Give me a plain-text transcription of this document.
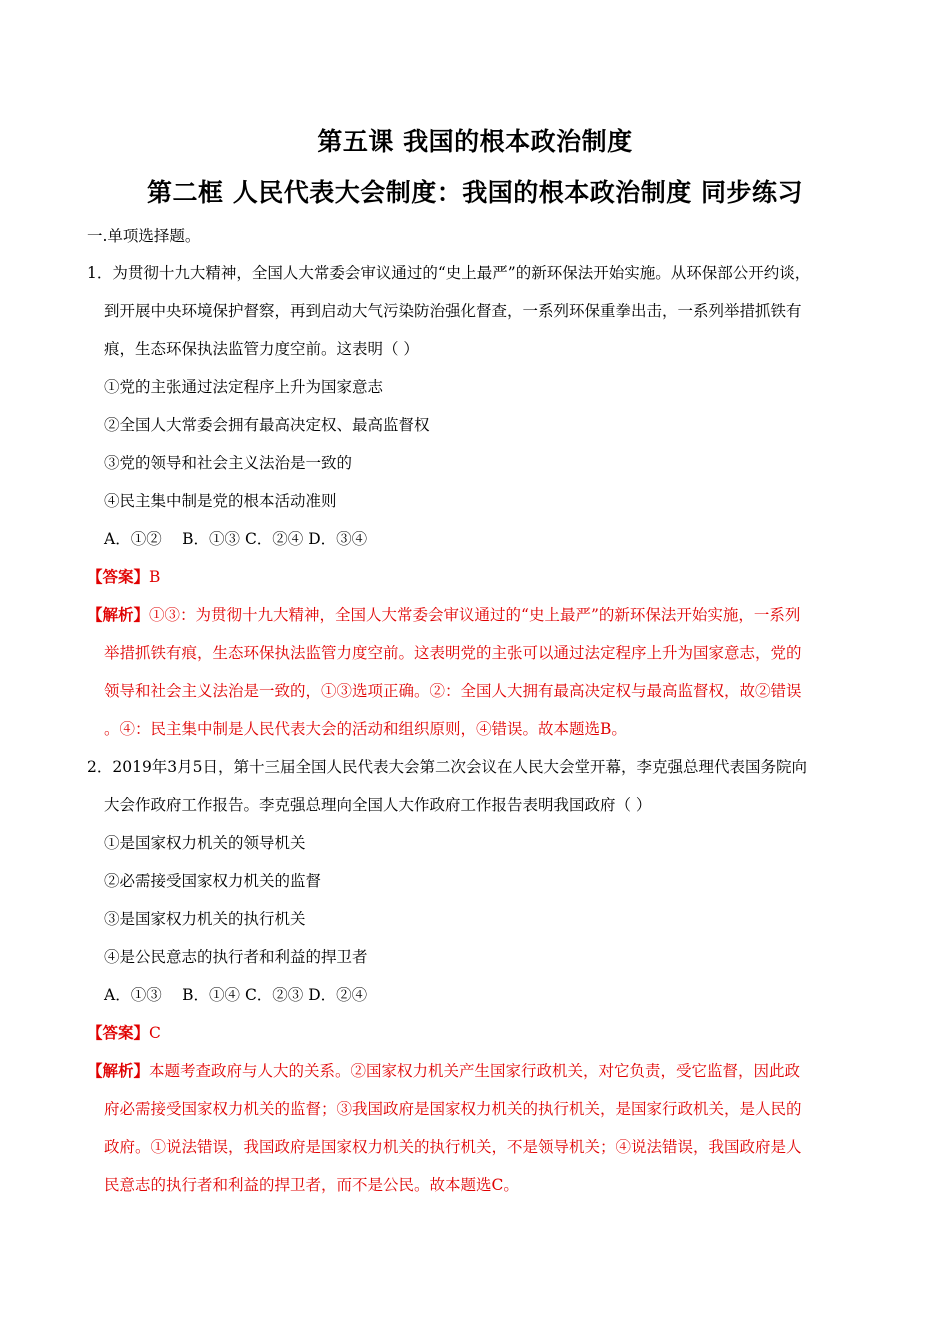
第五课 我国的根本政治制度
第二框 人民代表大会制度：我国的根本政治制度 同步练习
一.单项选择题。
1．为贯彻十九大精神，全国人大常委会审议通过的“史上最严”的新环保法开始实施。从环保部公开约谈，
到开展中央环境保护督察，再到启动大气污染防治强化督查，一系列环保重拳出击，一系列举措抓铁有
痕，生态环保执法监管力度空前。这表明（ ）
①党的主张通过法定程序上升为国家意志
②全国人大常委会拥有最高决定权、最高监督权
③党的领导和社会主义法治是一致的
④民主集中制是党的根本活动准则
A．①②　 B．①③ C．②④ D．③④
【答案】B
【解析】①③：为贯彻十九大精神，全国人大常委会审议通过的“史上最严”的新环保法开始实施，一系列
举措抓铁有痕，生态环保执法监管力度空前。这表明党的主张可以通过法定程序上升为国家意志，党的
领导和社会主义法治是一致的，①③选项正确。②：全国人大拥有最高决定权与最高监督权，故②错误
。④：民主集中制是人民代表大会的活动和组织原则，④错误。故本题选B。
2．2019年3月5日，第十三届全国人民代表大会第二次会议在人民大会堂开幕，李克强总理代表国务院向
大会作政府工作报告。李克强总理向全国人大作政府工作报告表明我国政府（ ）
①是国家权力机关的领导机关
②必需接受国家权力机关的监督
③是国家权力机关的执行机关
④是公民意志的执行者和利益的捍卫者
A．①③　 B．①④ C．②③ D．②④
【答案】C
【解析】本题考查政府与人大的关系。②国家权力机关产生国家行政机关，对它负责，受它监督，因此政
府必需接受国家权力机关的监督；③我国政府是国家权力机关的执行机关，是国家行政机关，是人民的
政府。①说法错误，我国政府是国家权力机关的执行机关，不是领导机关；④说法错误，我国政府是人
民意志的执行者和利益的捍卫者，而不是公民。故本题选C。
